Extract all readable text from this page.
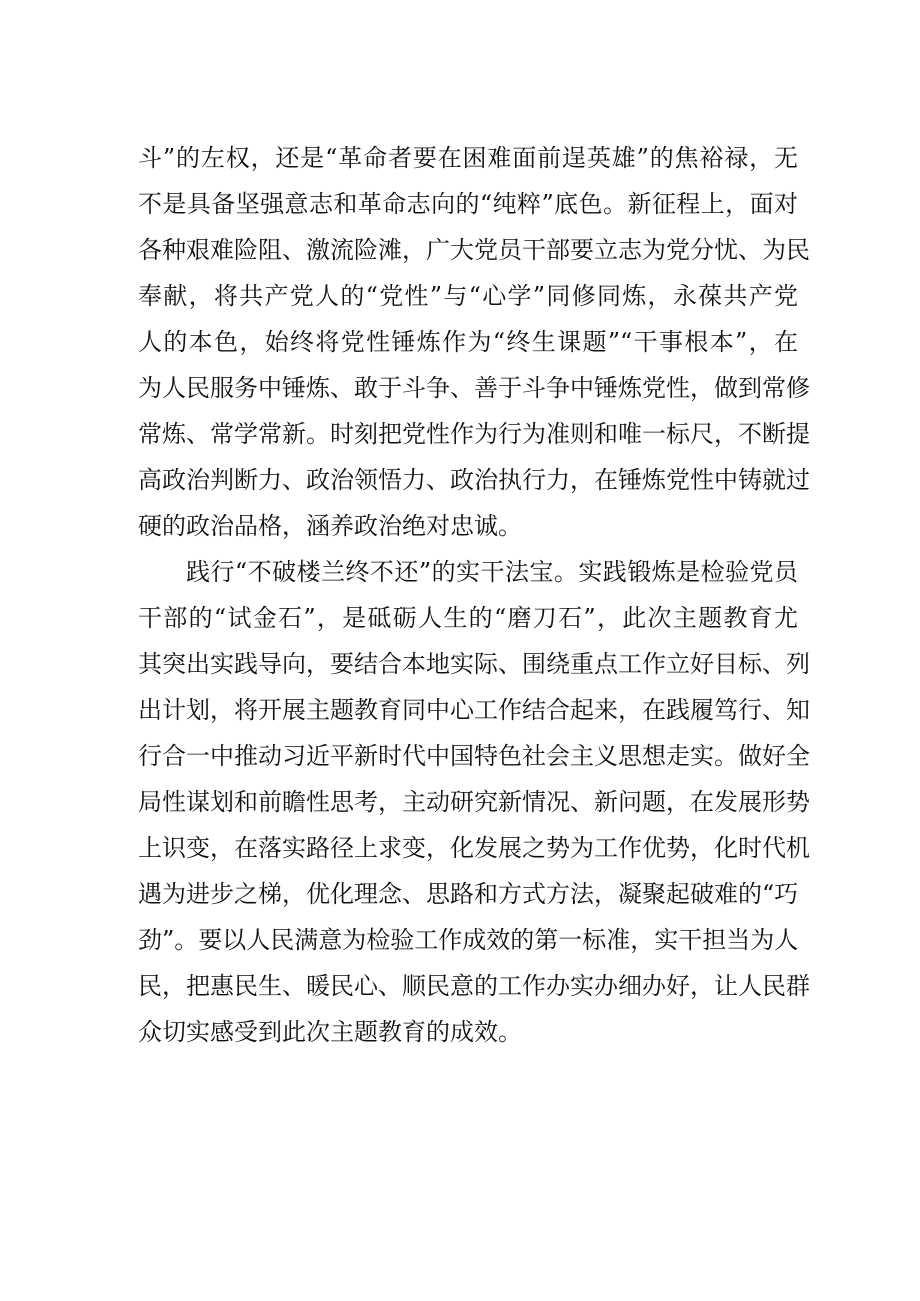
斗”的左权，还是“革命者要在困难面前逞英雄”的焦裕禄，无
不是具备坚强意志和革命志向的“纯粹”底色。新征程上，面对
各种艰难险阻、激流险滩，广大党员干部要立志为党分忧、为民
奉献，将共产党人的“党性”与“心学”同修同炼，永葆共产党
人的本色，始终将党性锤炼作为“终生课题”“干事根本”，在
为人民服务中锤炼、敢于斗争、善于斗争中锤炼党性，做到常修
常炼、常学常新。时刻把党性作为行为准则和唯一标尺，不断提
高政治判断力、政治领悟力、政治执行力，在锤炼党性中铸就过
硬的政治品格，涵养政治绝对忠诚。
践行“不破楼兰终不还”的实干法宝。实践锻炼是检验党员
干部的“试金石”，是砥砺人生的“磨刀石”，此次主题教育尤
其突出实践导向，要结合本地实际、围绕重点工作立好目标、列
出计划，将开展主题教育同中心工作结合起来，在践履笃行、知
行合一中推动习近平新时代中国特色社会主义思想走实。做好全
局性谋划和前瞻性思考，主动研究新情况、新问题，在发展形势
上识变，在落实路径上求变，化发展之势为工作优势，化时代机
遇为进步之梯，优化理念、思路和方式方法，凝聚起破难的“巧
劲”。要以人民满意为检验工作成效的第一标准，实干担当为人
民，把惠民生、暖民心、顺民意的工作办实办细办好，让人民群
众切实感受到此次主题教育的成效。
